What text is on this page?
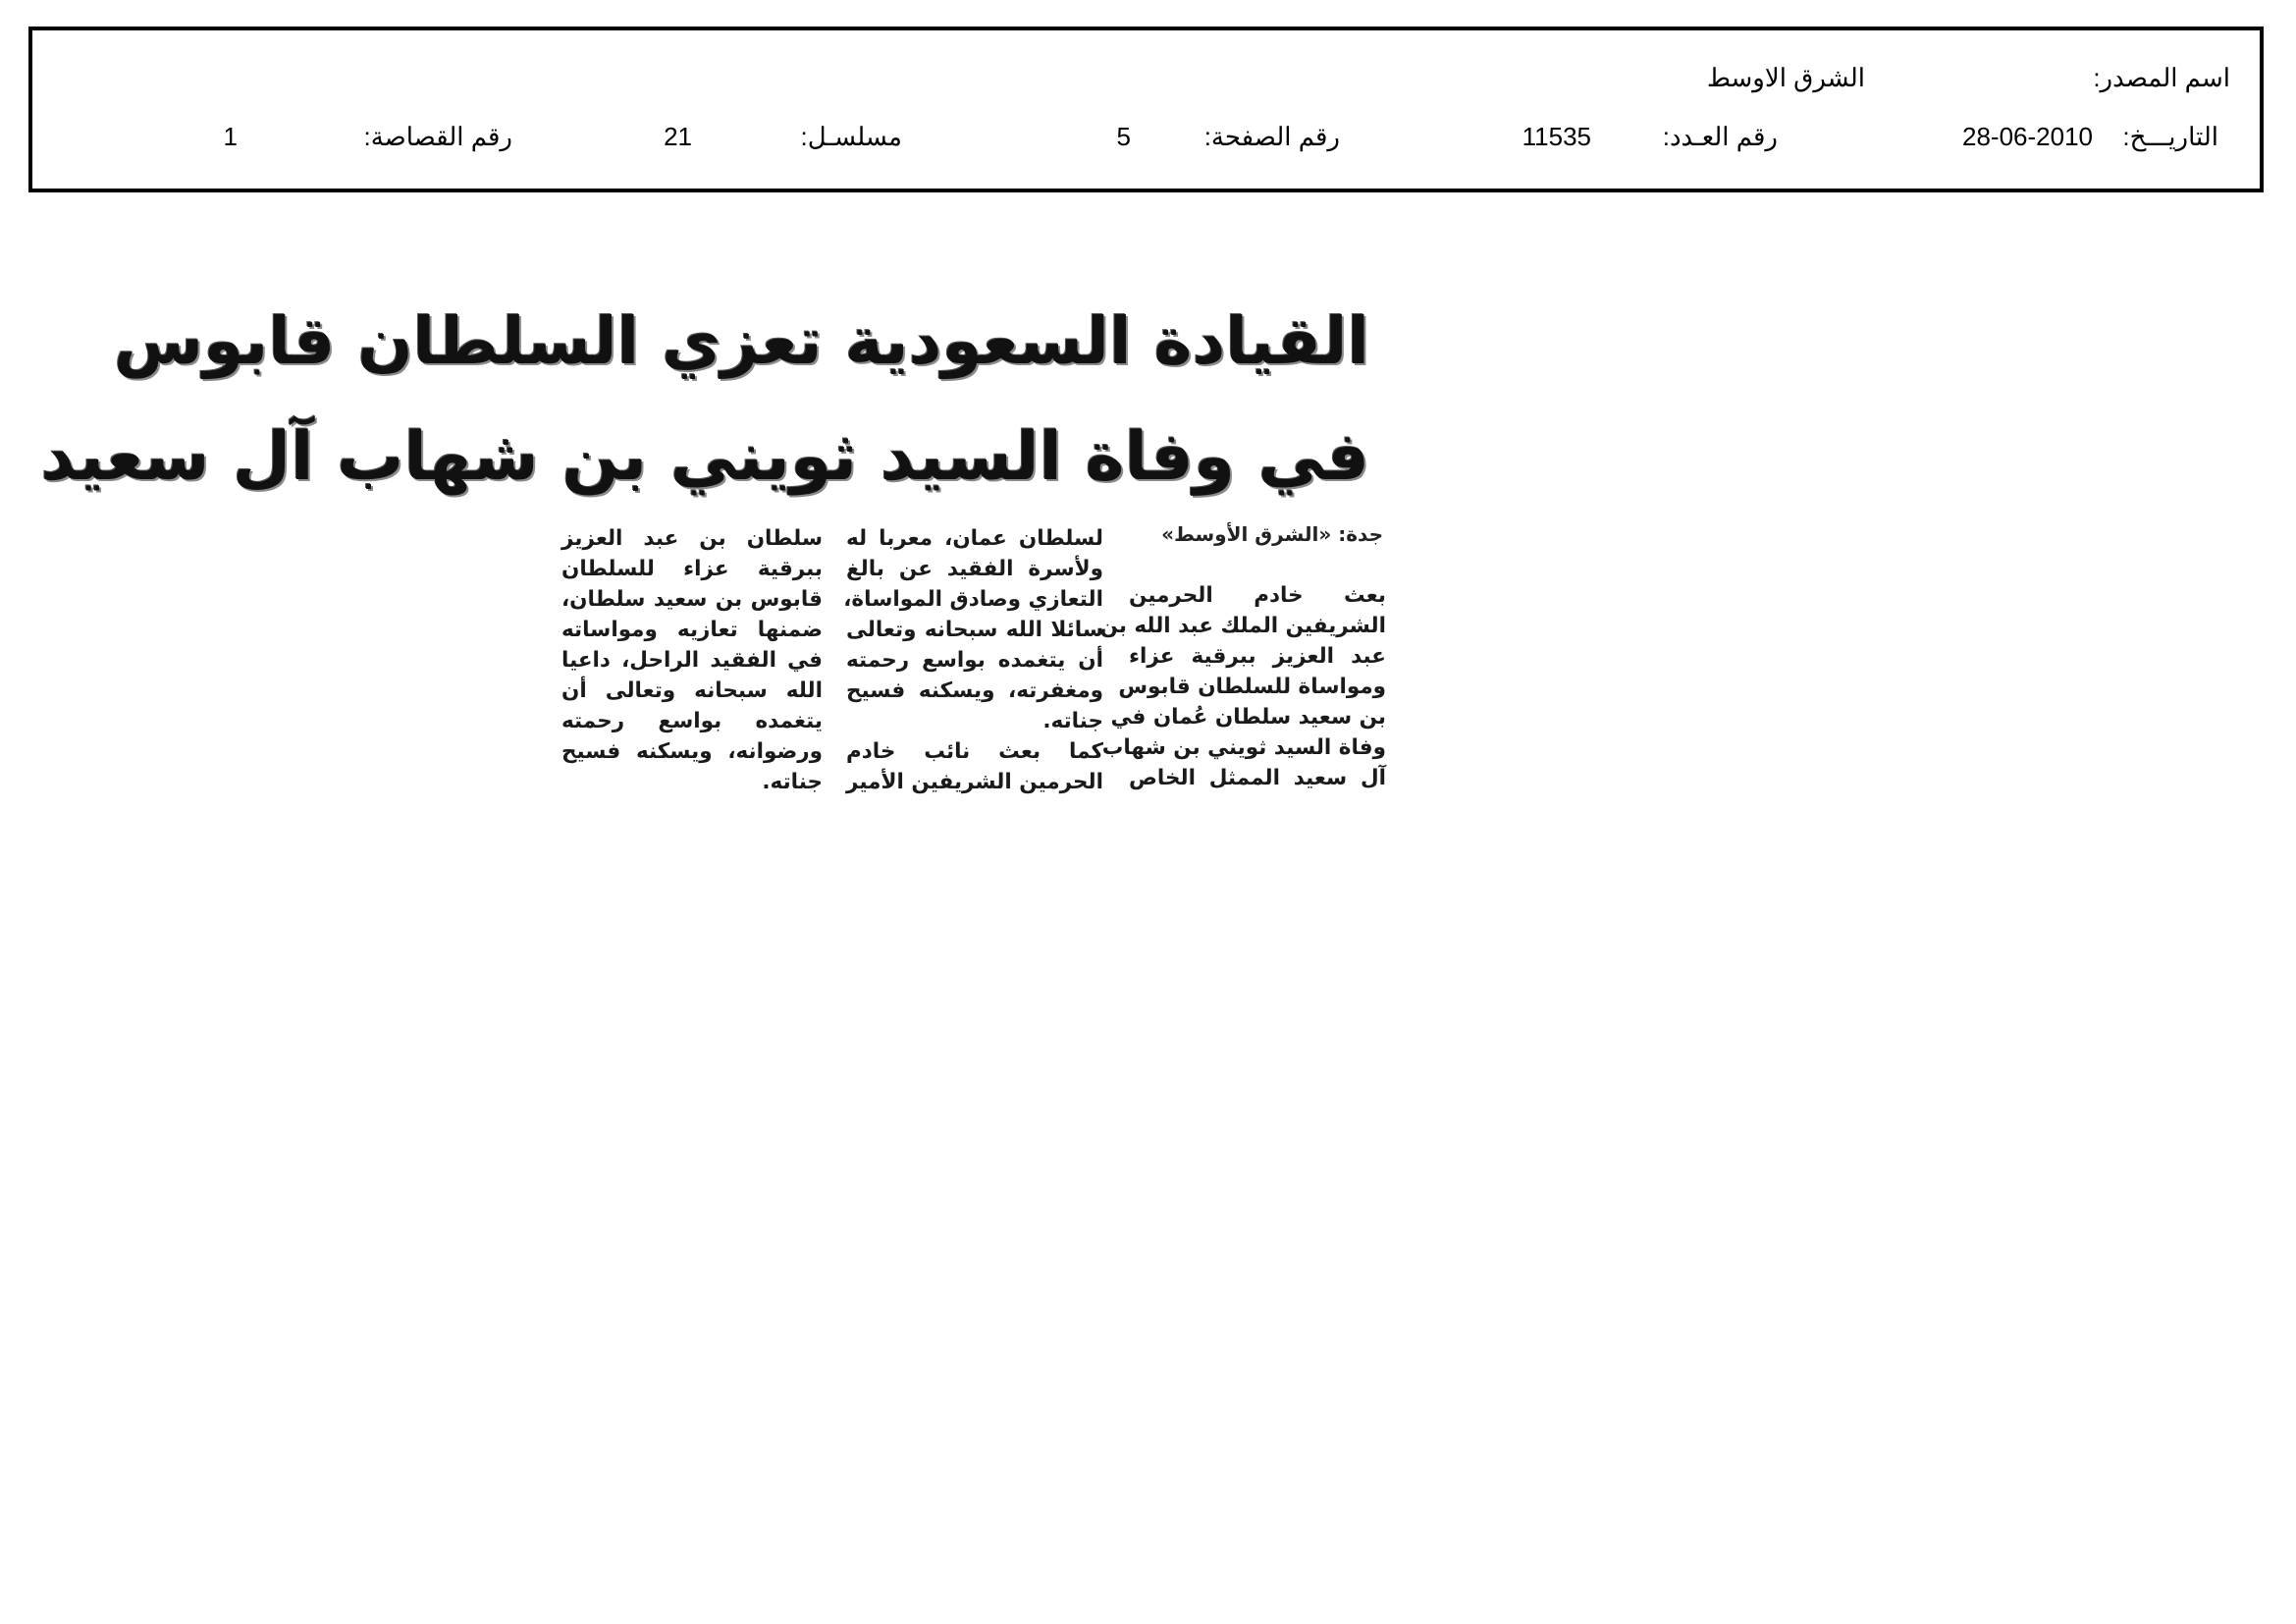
اسم المصدر:
الشرق الاوسط
التاريـــخ:
28-06-2010
رقم العـدد:
11535
رقم الصفحة:
5
مسلسـل:
21
رقم القصاصة:
1
القيادة السعودية تعزي السلطان قابوس
في وفاة السيد ثويني بن شهاب آل سعيد
جدة: «الشرق الأوسط»
بعث خادم الحرمين
الشريفين الملك عبد الله بن
عبد العزيز ببرقية عزاء
ومواساة للسلطان قابوس
بن سعيد سلطان عُمان في
وفاة السيد ثويني بن شهاب
آل سعيد الممثل الخاص
لسلطان عمان، معربا له
ولأسرة الفقيد عن بالغ
التعازي وصادق المواساة،
سائلا الله سبحانه وتعالى
أن يتغمده بواسع رحمته
ومغفرته، ويسكنه فسيح
جناته.
كما بعث نائب خادم
الحرمين الشريفين الأمير
سلطان بن عبد العزيز
ببرقية عزاء للسلطان
قابوس بن سعيد سلطان،
ضمنها تعازيه ومواساته
في الفقيد الراحل، داعيا
الله سبحانه وتعالى أن
يتغمده بواسع رحمته
ورضوانه، ويسكنه فسيح
جناته.
